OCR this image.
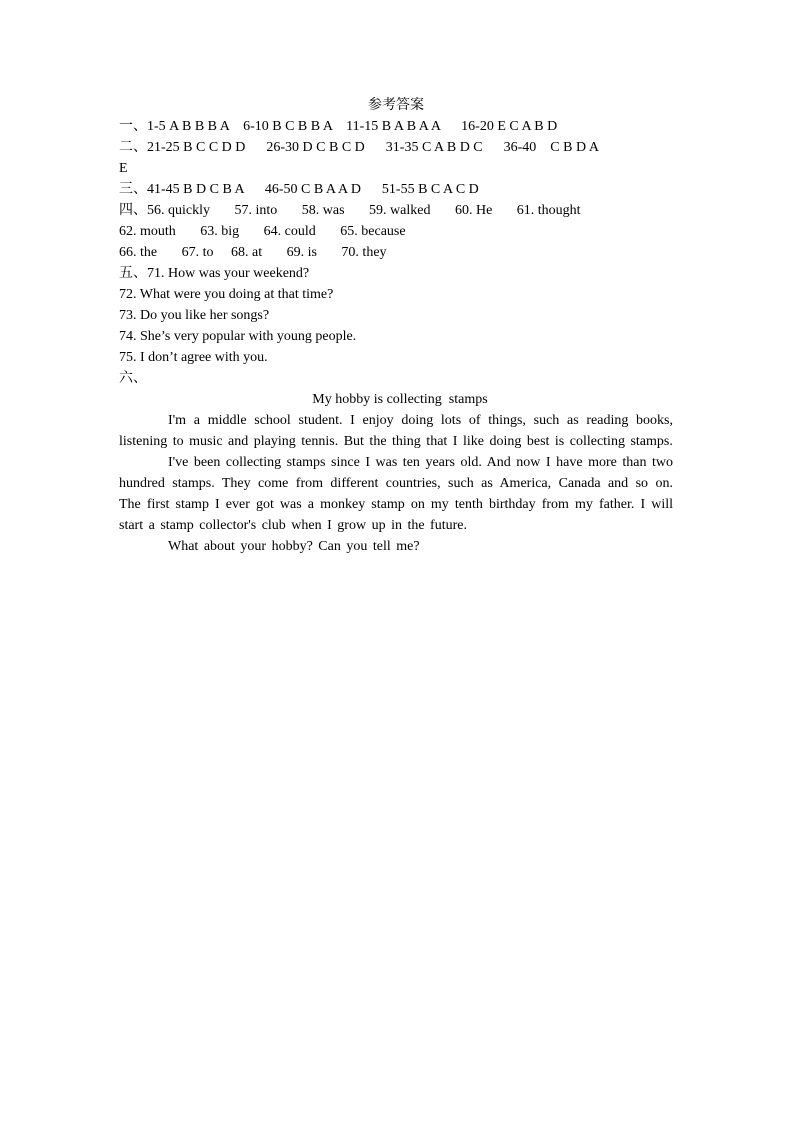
参考答案

一、1-5 A B B B A    6-10 B C B B A    11-15 B A B A A      16-20 E C A B D

二、21-25 B C C D D      26-30 D C B C D      31-35 C A B D C      36-40    C B D A

E

三、41-45 B D C B A      46-50 C B A A D      51-55 B C A C D

四、56. quickly       57. into       58. was       59. walked       60. He       61. thought

62. mouth       63. big       64. could       65. because

66. the       67. to     68. at       69. is       70. they

五、71. How was your weekend?

72. What were you doing at that time?

73. Do you like her songs?

74. She’s very popular with young people.

75. I don’t agree with you.

六、

My hobby is collecting  stamps

I'm a middle school student. I enjoy doing lots of things, such as reading books, listening to music and playing tennis. But the thing that I like doing best is collecting stamps.

I've been collecting stamps since I was ten years old. And now I have more than two hundred stamps. They come from different countries, such as America, Canada and so on. The first stamp I ever got was a monkey stamp on my tenth birthday from my father. I will start a stamp collector's club when I grow up in the future.

What about your hobby? Can you tell me?
